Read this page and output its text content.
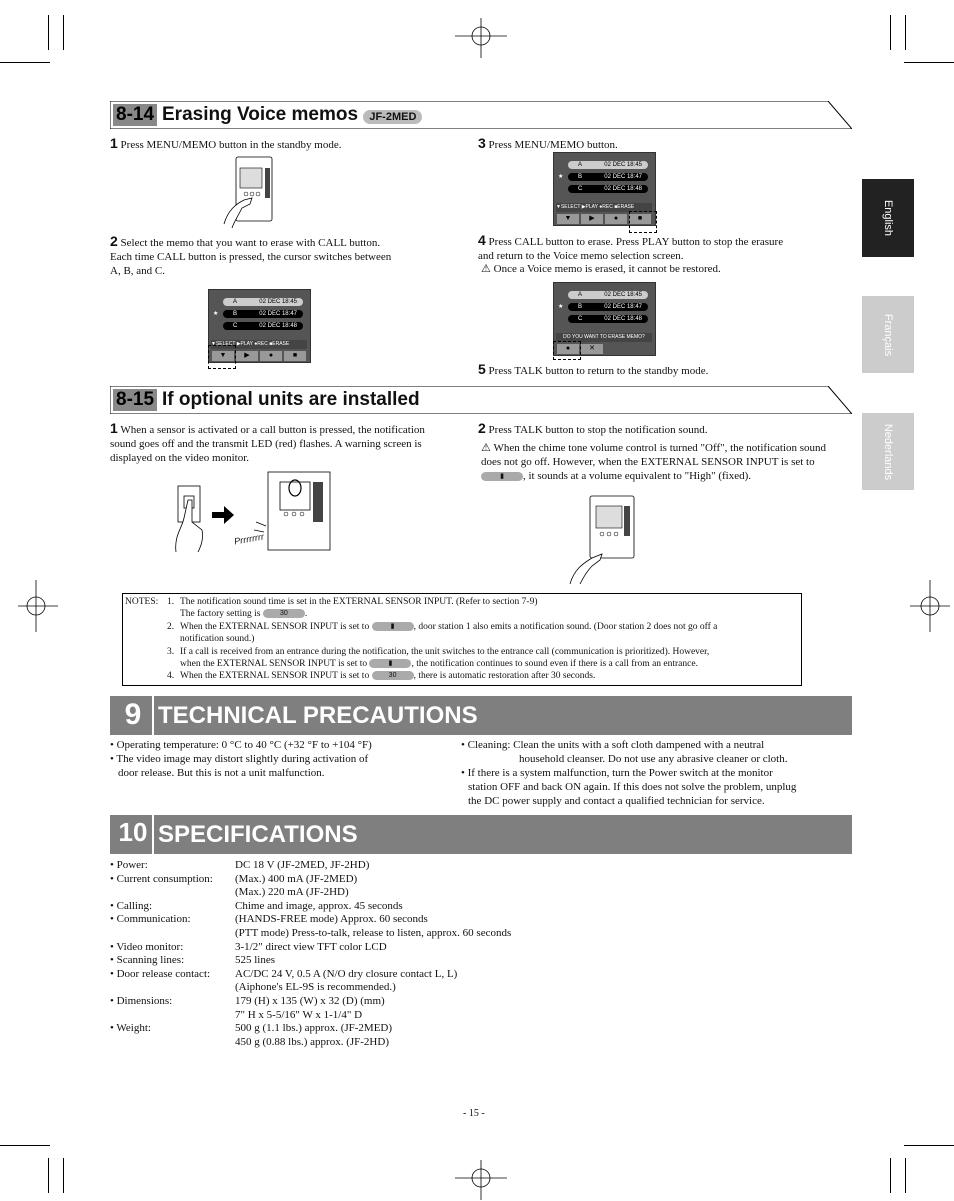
English
Français
Nederlands
8-14 Erasing Voice memos JF-2MED
1 Press MENU/MEMO button in the standby mode.
2 Select the memo that you want to erase with CALL button. Each time CALL button is pressed, the cursor switches between A, B, and C.
A	02 DEC 18:45
★ B	02 DEC 18:47
C	02 DEC 18:48
▼SELECT ▶PLAY ●REC ■ERASE
▼	▶	●	■
3 Press MENU/MEMO button.
A	02 DEC 18:45
★ B	02 DEC 18:47
C	02 DEC 18:48
▼SELECT ▶PLAY ●REC ■ERASE
▼	▶	●	■
4 Press CALL button to erase. Press PLAY button to stop the erasure and return to the Voice memo selection screen.
⚠ Once a Voice memo is erased, it cannot be restored.
A	02 DEC 18:45
★ B	02 DEC 18:47
C	02 DEC 18:48
DO YOU WANT TO ERASE MEMO?
●	✕
5 Press TALK button to return to the standby mode.
8-15 If optional units are installed
1 When a sensor is activated or a call button is pressed, the notification sound goes off and the transmit LED (red) flashes. A warning screen is displayed on the video monitor.
Prrrrrrrr
2 Press TALK button to stop the notification sound.
⚠ When the chime tone volume control is turned "Off", the notification sound does not go off. However, when the EXTERNAL SENSOR INPUT is set to ▮ , it sounds at a volume equivalent to "High" (fixed).
NOTES: 1. The notification sound time is set in the EXTERNAL SENSOR INPUT. (Refer to section 7-9)
The factory setting is	30 .
2. When the EXTERNAL SENSOR INPUT is set to	▮ , door station 1 also emits a notification sound. (Door station 2 does not go off a
notification sound.)
3. If a call is received from an entrance during the notification, the unit switches to the entrance call (communication is prioritized). However,
when the EXTERNAL SENSOR INPUT is set to	▮ , the notification continues to sound even if there is a call from an entrance.
4. When the EXTERNAL SENSOR INPUT is set to	30 , there is automatic restoration after 30 seconds.
9 TECHNICAL PRECAUTIONS
• Operating temperature: 0 °C to 40 °C (+32 °F to +104 °F)
• The video image may distort slightly during activation of
door release. But this is not a unit malfunction.
• Cleaning: Clean the units with a soft cloth dampened with a neutral
household cleanser. Do not use any abrasive cleaner or cloth.
• If there is a system malfunction, turn the Power switch at the monitor
station OFF and back ON again. If this does not solve the problem, unplug
the DC power supply and contact a qualified technician for service.
10 SPECIFICATIONS
• Power:	DC 18 V (JF-2MED, JF-2HD)
• Current consumption:	(Max.) 400 mA (JF-2MED)
(Max.) 220 mA (JF-2HD)
• Calling:	Chime and image, approx. 45 seconds
• Communication:	(HANDS-FREE mode) Approx. 60 seconds
(PTT mode) Press-to-talk, release to listen, approx. 60 seconds
• Video monitor:	3-1/2" direct view TFT color LCD
• Scanning lines:	525 lines
• Door release contact:	AC/DC 24 V, 0.5 A (N/O dry closure contact L, L)
(Aiphone's EL-9S is recommended.)
• Dimensions:	179 (H) x 135 (W) x 32 (D) (mm)
7" H x 5-5/16" W x 1-1/4" D
• Weight:	500 g (1.1 lbs.) approx. (JF-2MED)
450 g (0.88 lbs.) approx. (JF-2HD)
- 15 -
